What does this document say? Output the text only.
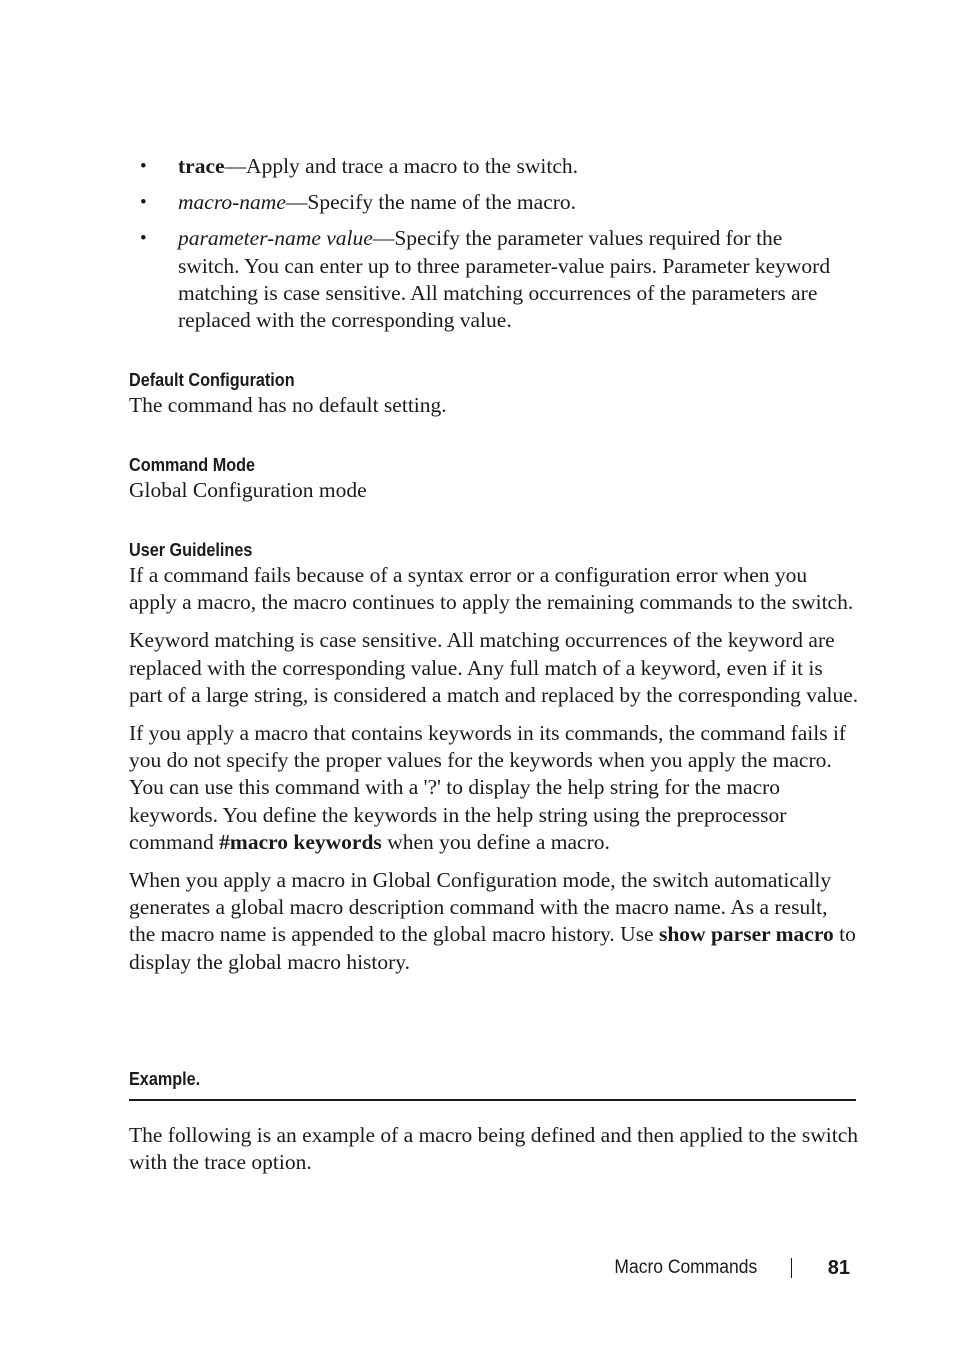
• trace—Apply and trace a macro to the switch.
• macro-name—Specify the name of the macro.
• parameter-name value—Specify the parameter values required for the switch. You can enter up to three parameter-value pairs. Parameter keyword matching is case sensitive. All matching occurrences of the parameters are replaced with the corresponding value.
Default Configuration

The command has no default setting.

Command Mode

Global Configuration mode

User Guidelines

If a command fails because of a syntax error or a configuration error when you apply a macro, the macro continues to apply the remaining commands to the switch.

Keyword matching is case sensitive. All matching occurrences of the keyword are replaced with the corresponding value. Any full match of a keyword, even if it is part of a large string, is considered a match and replaced by the corresponding value.

If you apply a macro that contains keywords in its commands, the command fails if you do not specify the proper values for the keywords when you apply the macro. You can use this command with a '?' to display the help string for the macro keywords. You define the keywords in the help string using the preprocessor command #macro keywords when you define a macro.

When you apply a macro in Global Configuration mode, the switch automatically generates a global macro description command with the macro name. As a result, the macro name is appended to the global macro history. Use show parser macro to display the global macro history.

Example.

The following is an example of a macro being defined and then applied to the switch with the trace option.

Macro Commands	81
